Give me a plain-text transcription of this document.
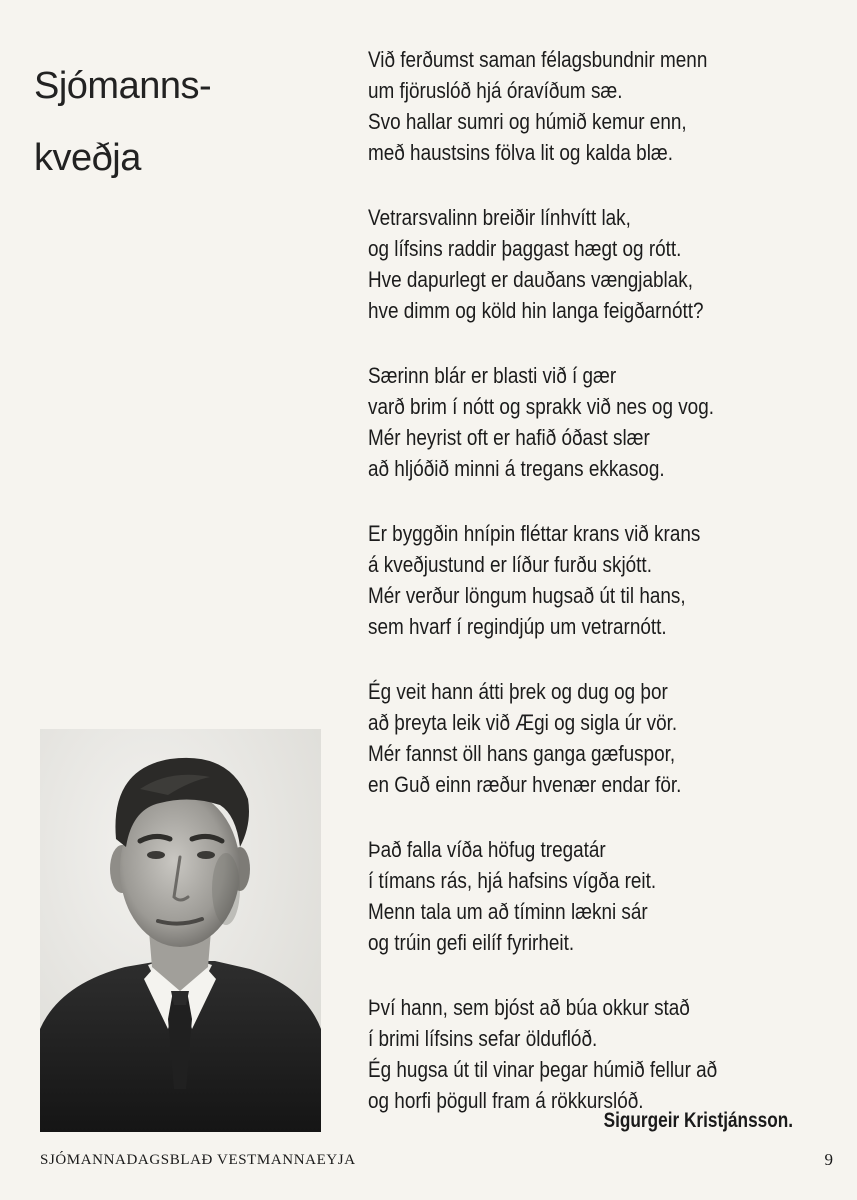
Sjómanns-
kveðja
Við ferðumst saman félagsbundnir menn
um fjöruslóð hjá óravíðum sæ.
Svo hallar sumri og húmið kemur enn,
með haustsins fölva lit og kalda blæ.
Vetrarsvalinn breiðir línhvítt lak,
og lífsins raddir þaggast hægt og rótt.
Hve dapurlegt er dauðans vængjablak,
hve dimm og köld hin langa feigðarnótt?
Særinn blár er blasti við í gær
varð brim í nótt og sprakk við nes og vog.
Mér heyrist oft er hafið óðast slær
að hljóðið minni á tregans ekkasog.
Er byggðin hnípin fléttar krans við krans
á kveðjustund er líður furðu skjótt.
Mér verður löngum hugsað út til hans,
sem hvarf í regindjúp um vetrarnótt.
Ég veit hann átti þrek og dug og þor
að þreyta leik við Ægi og sigla úr vör.
Mér fannst öll hans ganga gæfuspor,
en Guð einn ræður hvenær endar för.
Það falla víða höfug tregatár
í tímans rás, hjá hafsins vígða reit.
Menn tala um að tíminn lækni sár
og trúin gefi eilíf fyrirheit.
Því hann, sem bjóst að búa okkur stað
í brimi lífsins sefar ölduflóð.
Ég hugsa út til vinar þegar húmið fellur að
og horfi þögull fram á rökkurslóð.
Sigurgeir Kristjánsson.
SJÓMANNADAGSBLAÐ VESTMANNAEYJA	9
